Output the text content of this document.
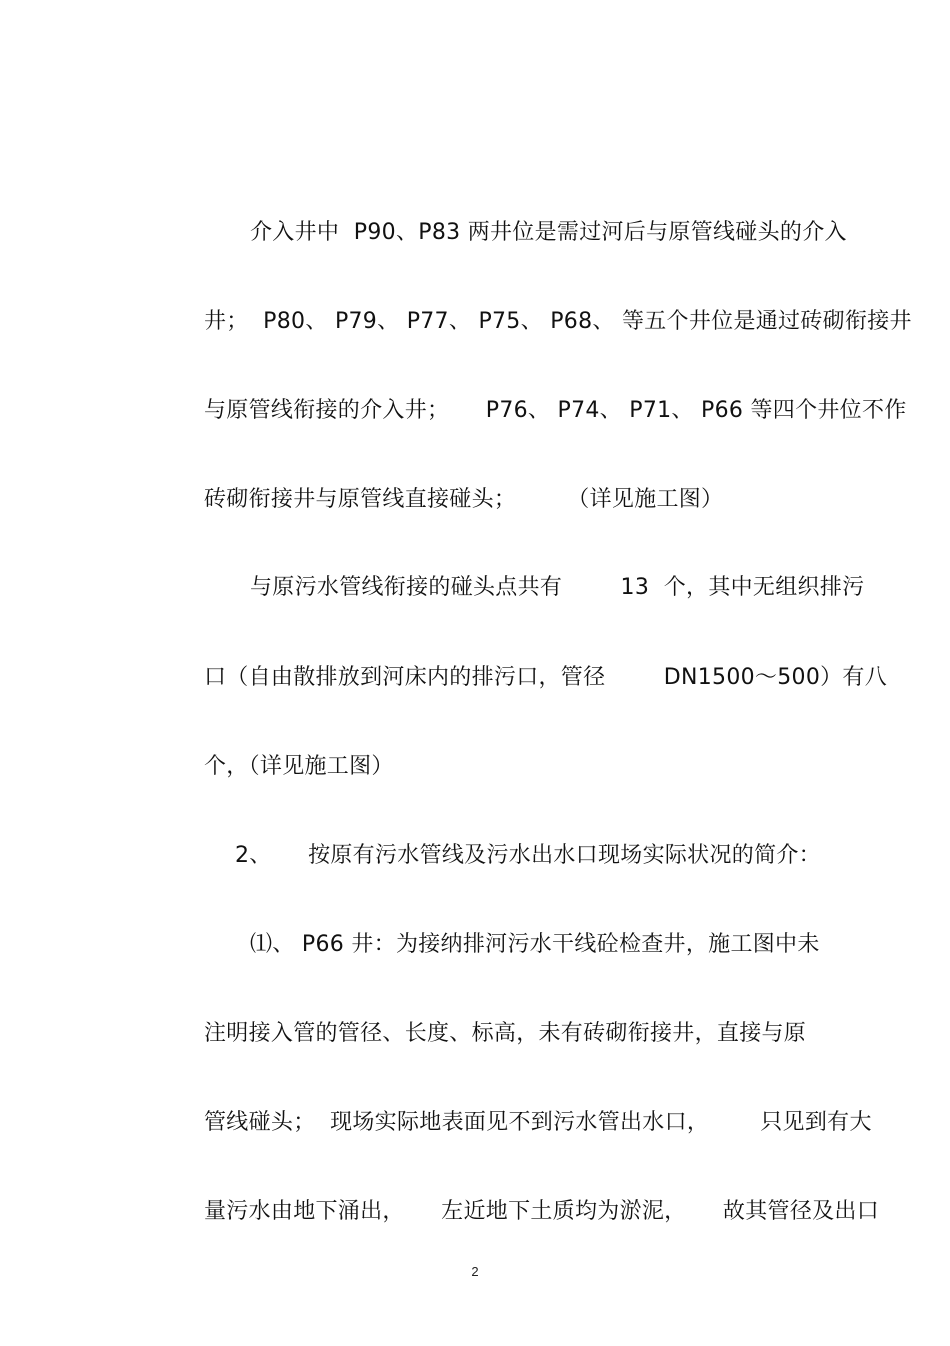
介入井中  P90、P83 两井位是需过河后与原管线碰头的介入
井；  P80、 P79、 P77、 P75、 P68、 等五个井位是通过砖砌衔接井
与原管线衔接的介入井；     P76、 P74、 P71、 P66 等四个井位不作
砖砌衔接井与原管线直接碰头；       （详见施工图）
与原污水管线衔接的碰头点共有        13  个，其中无组织排污
口（自由散排放到河床内的排污口，管径        DN1500～500）有八
个，（详见施工图）
2、     按原有污水管线及污水出水口现场实际状况的简介：
⑴、 P66 井：为接纳排河污水干线砼检查井，施工图中未
注明接入管的管径、长度、标高，未有砖砌衔接井，直接与原
管线碰头；  现场实际地表面见不到污水管出水口，       只见到有大
量污水由地下涌出，     左近地下土质均为淤泥，     故其管径及出口
2
